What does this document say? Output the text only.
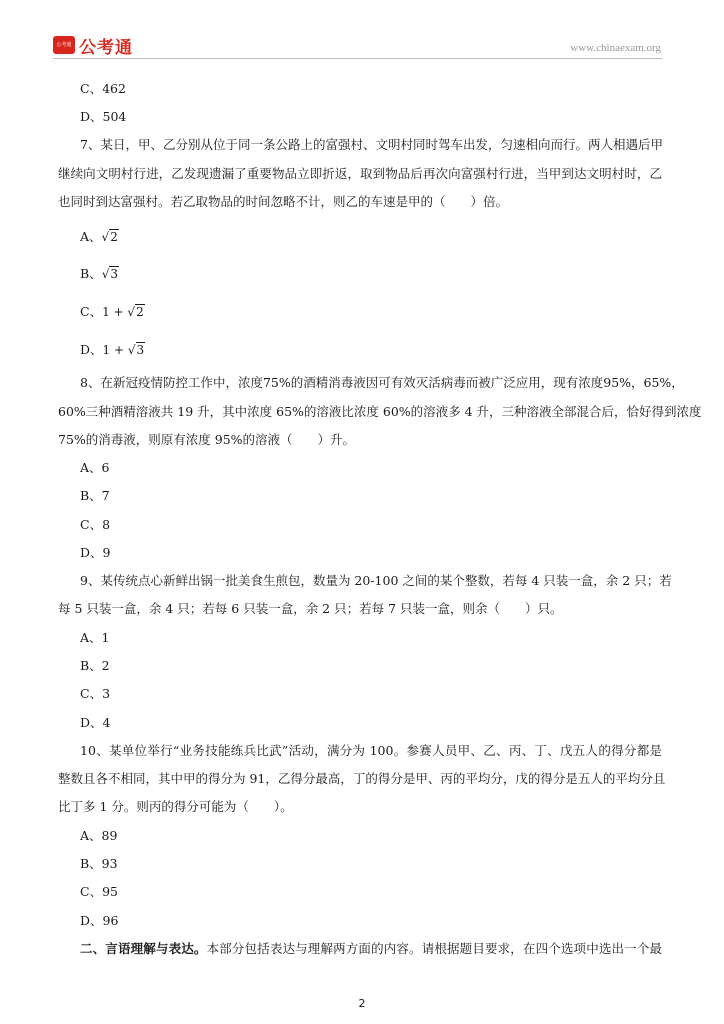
公考通 公考通	www.chinaexam.org
C、462
D、504
7、某日，甲、乙分别从位于同一条公路上的富强村、文明村同时驾车出发，匀速相向而行。两人相遇后甲
继续向文明村行进，乙发现遗漏了重要物品立即折返，取到物品后再次向富强村行进，当甲到达文明村时，乙
也同时到达富强村。若乙取物品的时间忽略不计，则乙的车速是甲的（　　）倍。
A、√2
B、√3
C、1 + √2
D、1 + √3
8、在新冠疫情防控工作中，浓度75%的酒精消毒液因可有效灭活病毒而被广泛应用，现有浓度95%，65%，
60%三种酒精溶液共 19 升，其中浓度 65%的溶液比浓度 60%的溶液多 4 升，三种溶液全部混合后，恰好得到浓度
75%的消毒液，则原有浓度 95%的溶液（　　）升。
A、6
B、7
C、8
D、9
9、某传统点心新鲜出锅一批美食生煎包，数量为 20-100 之间的某个整数，若每 4 只装一盒，余 2 只；若
每 5 只装一盒，余 4 只；若每 6 只装一盒，余 2 只；若每 7 只装一盒，则余（　　）只。
A、1
B、2
C、3
D、4
10、某单位举行“业务技能练兵比武”活动，满分为 100。参赛人员甲、乙、丙、丁、戊五人的得分都是
整数且各不相同，其中甲的得分为 91，乙得分最高，丁的得分是甲、丙的平均分，戊的得分是五人的平均分且
比丁多 1 分。则丙的得分可能为（　　）。
A、89
B、93
C、95
D、96
二、言语理解与表达。本部分包括表达与理解两方面的内容。请根据题目要求，在四个选项中选出一个最
2
